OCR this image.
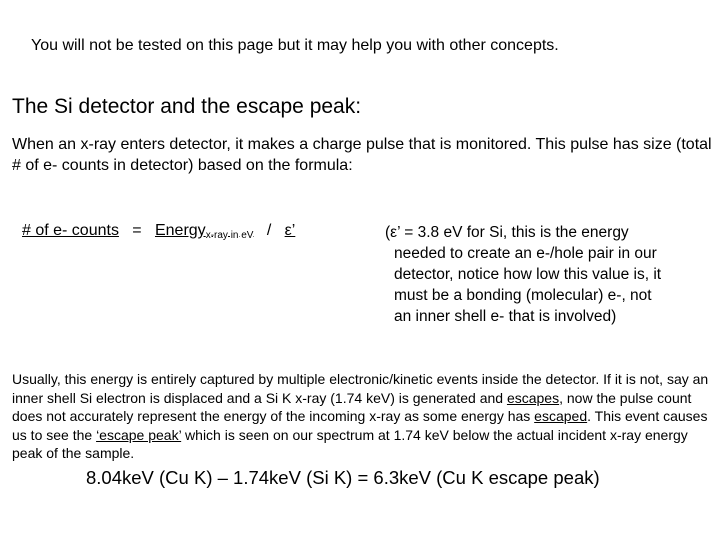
You will not be tested on this page but it may help you with other concepts.
The Si detector and the escape peak:
When an x-ray enters detector, it makes a charge pulse that is monitored. This pulse has size (total # of e- counts in detector) based on the formula:
# of e- counts = Energy$_{x-ray in eV}$ / ε’	(ε’ = 3.8 eV for Si, this is the energy
needed to create an e-/hole pair in our
detector, notice how low this value is, it
must be a bonding (molecular) e-, not
an inner shell e- that is involved)
Usually, this energy is entirely captured by multiple electronic/kinetic events inside the detector. If it is not, say an inner shell Si electron is displaced and a Si K x-ray (1.74 keV) is generated and escapes, now the pulse count does not accurately represent the energy of the incoming x-ray as some energy has escaped. This event causes us to see the ‘escape peak’ which is seen on our spectrum at 1.74 keV below the actual incident x-ray energy peak of the sample.
8.04keV (Cu K) – 1.74keV (Si K) = 6.3keV (Cu K escape peak)
